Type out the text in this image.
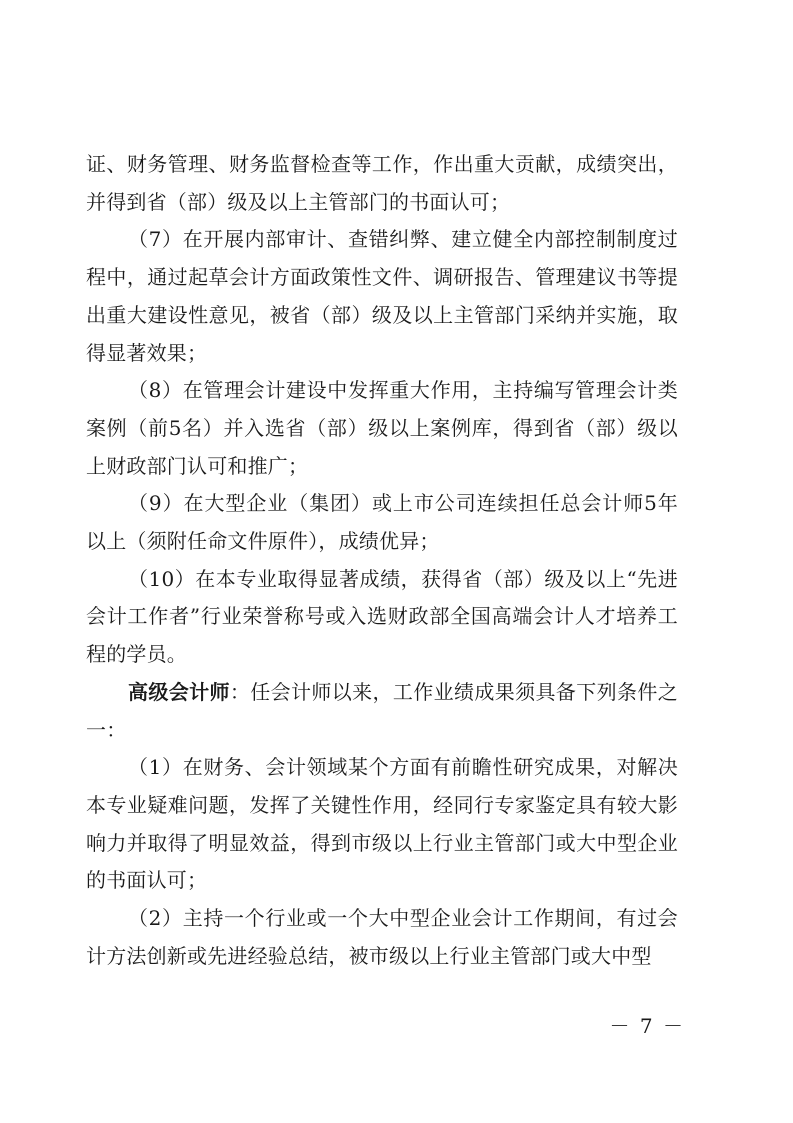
证、财务管理、财务监督检查等工作，作出重大贡献，成绩突出，并得到省（部）级及以上主管部门的书面认可；

（7）在开展内部审计、查错纠弊、建立健全内部控制制度过程中，通过起草会计方面政策性文件、调研报告、管理建议书等提出重大建设性意见，被省（部）级及以上主管部门采纳并实施，取得显著效果；

（8）在管理会计建设中发挥重大作用，主持编写管理会计类案例（前5名）并入选省（部）级以上案例库，得到省（部）级以上财政部门认可和推广；

（9）在大型企业（集团）或上市公司连续担任总会计师5年以上（须附任命文件原件），成绩优异；

（10）在本专业取得显著成绩，获得省（部）级及以上“先进会计工作者”行业荣誉称号或入选财政部全国高端会计人才培养工程的学员。

高级会计师：任会计师以来，工作业绩成果须具备下列条件之一：

（1）在财务、会计领域某个方面有前瞻性研究成果，对解决本专业疑难问题，发挥了关键性作用，经同行专家鉴定具有较大影响力并取得了明显效益，得到市级以上行业主管部门或大中型企业的书面认可；

（2）主持一个行业或一个大中型企业会计工作期间，有过会计方法创新或先进经验总结，被市级以上行业主管部门或大中型

－ 7 －
